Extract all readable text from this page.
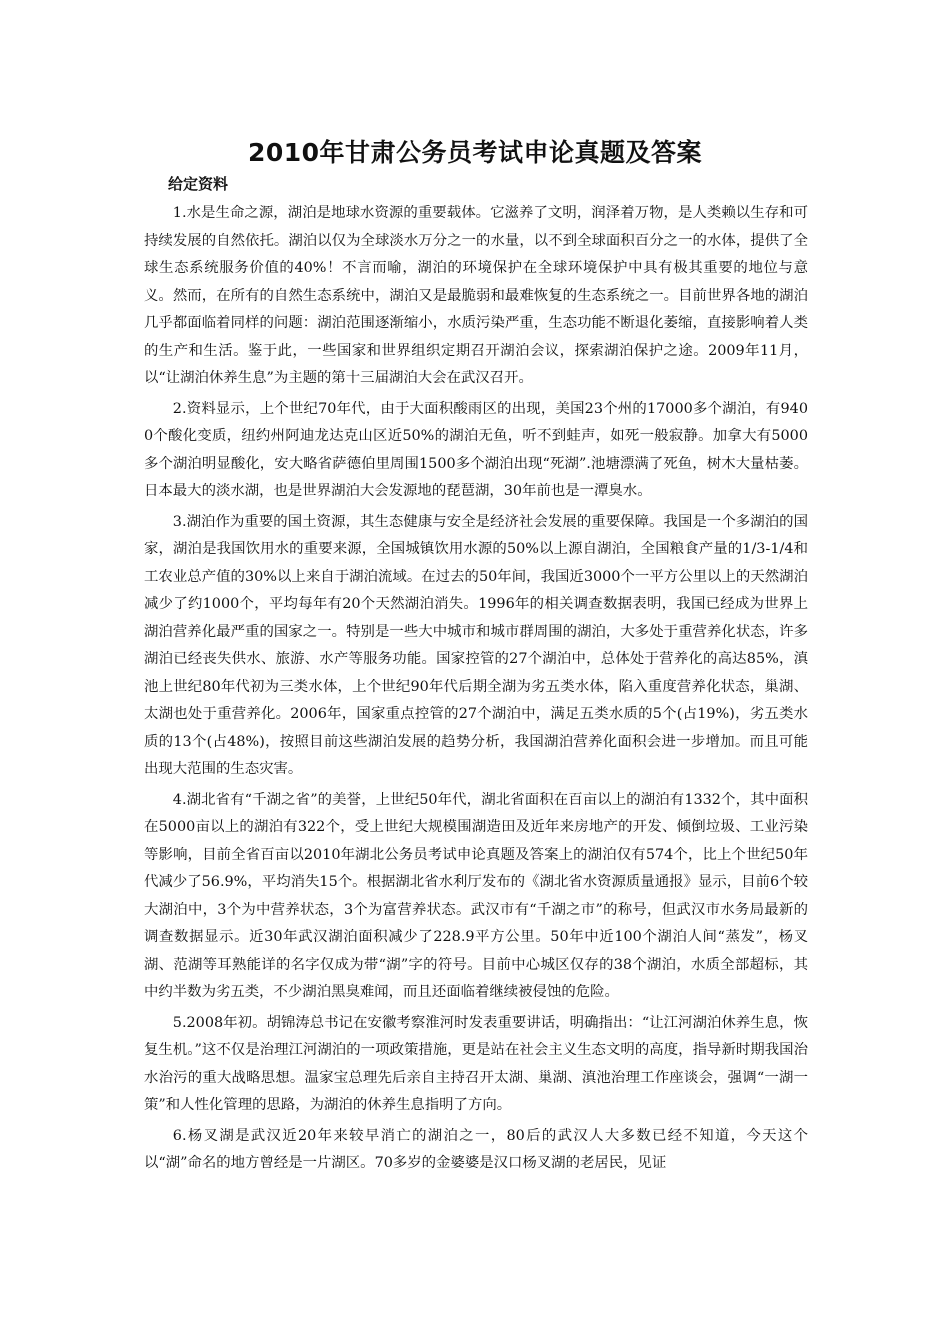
2010年甘肃公务员考试申论真题及答案
给定资料

1.水是生命之源，湖泊是地球水资源的重要载体。它滋养了文明，润泽着万物，是人类赖以生存和可持续发展的自然依托。湖泊以仅为全球淡水万分之一的水量，以不到全球面积百分之一的水体，提供了全球生态系统服务价值的40%！不言而喻，湖泊的环境保护在全球环境保护中具有极其重要的地位与意义。然而，在所有的自然生态系统中，湖泊又是最脆弱和最难恢复的生态系统之一。目前世界各地的湖泊几乎都面临着同样的问题：湖泊范围逐渐缩小，水质污染严重，生态功能不断退化萎缩，直接影响着人类的生产和生活。鉴于此，一些国家和世界组织定期召开湖泊会议，探索湖泊保护之途。2009年11月，以“让湖泊休养生息”为主题的第十三届湖泊大会在武汉召开。

2.资料显示，上个世纪70年代，由于大面积酸雨区的出现，美国23个州的17000多个湖泊，有9400个酸化变质，纽约州阿迪龙达克山区近50%的湖泊无鱼，听不到蛙声，如死一般寂静。加拿大有5000多个湖泊明显酸化，安大略省萨德伯里周围1500多个湖泊出现“死湖”.池塘漂满了死鱼，树木大量枯萎。日本最大的淡水湖，也是世界湖泊大会发源地的琵琶湖，30年前也是一潭臭水。

3.湖泊作为重要的国土资源，其生态健康与安全是经济社会发展的重要保障。我国是一个多湖泊的国家，湖泊是我国饮用水的重要来源，全国城镇饮用水源的50%以上源自湖泊，全国粮食产量的1/3-1/4和工农业总产值的30%以上来自于湖泊流域。在过去的50年间，我国近3000个一平方公里以上的天然湖泊减少了约1000个，平均每年有20个天然湖泊消失。1996年的相关调查数据表明，我国已经成为世界上湖泊营养化最严重的国家之一。特别是一些大中城市和城市群周围的湖泊，大多处于重营养化状态，许多湖泊已经丧失供水、旅游、水产等服务功能。国家控管的27个湖泊中，总体处于营养化的高达85%，滇池上世纪80年代初为三类水体，上个世纪90年代后期全湖为劣五类水体，陷入重度营养化状态，巢湖、太湖也处于重营养化。2006年，国家重点控管的27个湖泊中，满足五类水质的5个(占19%)，劣五类水质的13个(占48%)，按照目前这些湖泊发展的趋势分析，我国湖泊营养化面积会进一步增加。而且可能出现大范围的生态灾害。

4.湖北省有“千湖之省”的美誉，上世纪50年代，湖北省面积在百亩以上的湖泊有1332个，其中面积在5000亩以上的湖泊有322个，受上世纪大规模围湖造田及近年来房地产的开发、倾倒垃圾、工业污染等影响，目前全省百亩以2010年湖北公务员考试申论真题及答案上的湖泊仅有574个，比上个世纪50年代减少了56.9%，平均消失15个。根据湖北省水利厅发布的《湖北省水资源质量通报》显示，目前6个较大湖泊中，3个为中营养状态，3个为富营养状态。武汉市有“千湖之市”的称号，但武汉市水务局最新的调查数据显示。近30年武汉湖泊面积减少了228.9平方公里。50年中近100个湖泊人间“蒸发”，杨叉湖、范湖等耳熟能详的名字仅成为带“湖”字的符号。目前中心城区仅存的38个湖泊，水质全部超标，其中约半数为劣五类，不少湖泊黑臭难闻，而且还面临着继续被侵蚀的危险。

5.2008年初。胡锦涛总书记在安徽考察淮河时发表重要讲话，明确指出：“让江河湖泊休养生息，恢复生机。”这不仅是治理江河湖泊的一项政策措施，更是站在社会主义生态文明的高度，指导新时期我国治水治污的重大战略思想。温家宝总理先后亲自主持召开太湖、巢湖、滇池治理工作座谈会，强调“一湖一策”和人性化管理的思路，为湖泊的休养生息指明了方向。

6.杨叉湖是武汉近20年来较早消亡的湖泊之一，80后的武汉人大多数已经不知道，今天这个以“湖”命名的地方曾经是一片湖区。70多岁的金婆婆是汉口杨叉湖的老居民，见证
